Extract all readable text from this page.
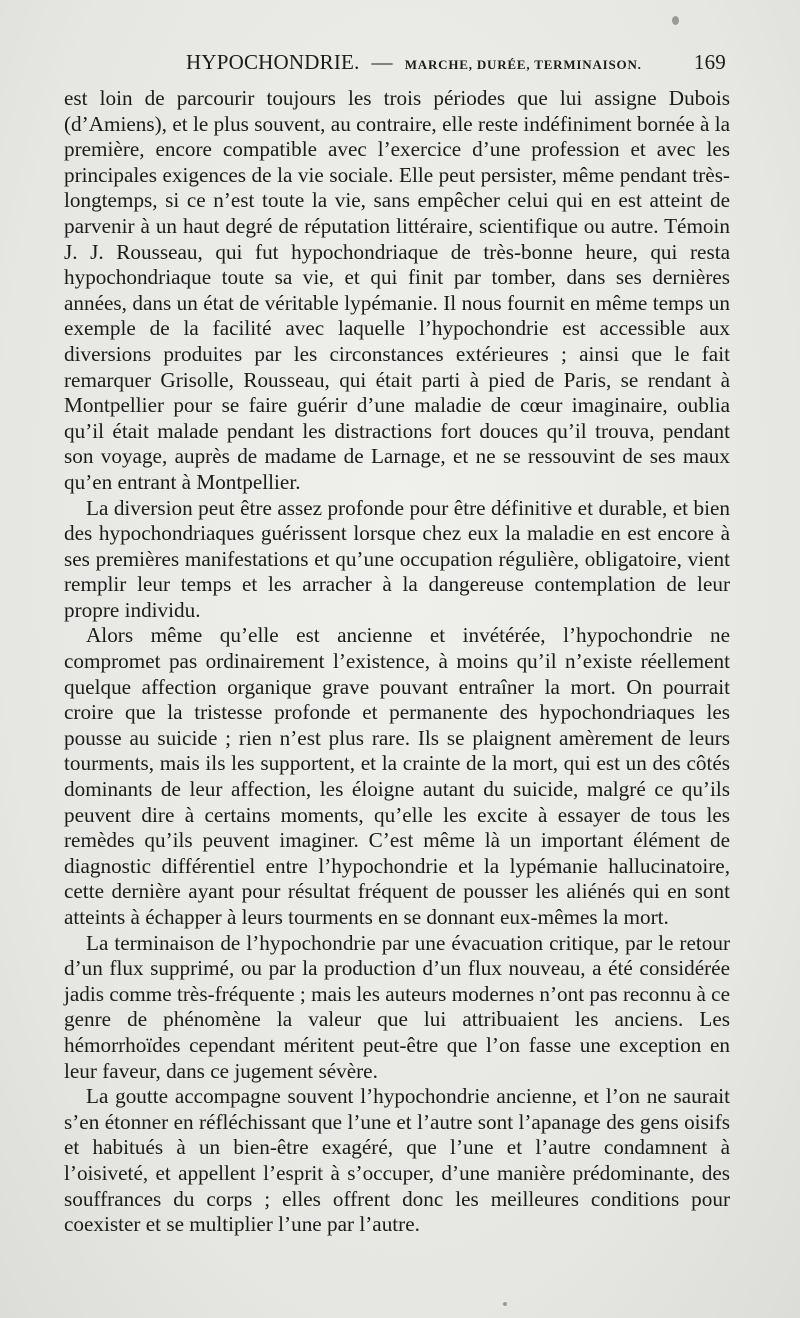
HYPOCHONDRIE. — MARCHE, DURÉE, TERMINAISON. 169

est loin de parcourir toujours les trois périodes que lui assigne Dubois (d’Amiens), et le plus souvent, au contraire, elle reste indéfiniment bornée à la première, encore compatible avec l’exercice d’une profession et avec les principales exigences de la vie sociale. Elle peut persister, même pendant très-longtemps, si ce n’est toute la vie, sans empêcher celui qui en est atteint de parvenir à un haut degré de réputation littéraire, scientifique ou autre. Témoin J. J. Rousseau, qui fut hypochondriaque de très-bonne heure, qui resta hypochondriaque toute sa vie, et qui finit par tomber, dans ses dernières années, dans un état de véritable lypémanie. Il nous fournit en même temps un exemple de la facilité avec laquelle l’hypochondrie est accessible aux diversions produites par les circonstances extérieures ; ainsi que le fait remarquer Grisolle, Rousseau, qui était parti à pied de Paris, se rendant à Montpellier pour se faire guérir d’une maladie de cœur imaginaire, oublia qu’il était malade pendant les distractions fort douces qu’il trouva, pendant son voyage, auprès de madame de Larnage, et ne se ressouvint de ses maux qu’en entrant à Montpellier.

La diversion peut être assez profonde pour être définitive et durable, et bien des hypochondriaques guérissent lorsque chez eux la maladie en est encore à ses premières manifestations et qu’une occupation régulière, obligatoire, vient remplir leur temps et les arracher à la dangereuse contemplation de leur propre individu.

Alors même qu’elle est ancienne et invétérée, l’hypochondrie ne compromet pas ordinairement l’existence, à moins qu’il n’existe réellement quelque affection organique grave pouvant entraîner la mort. On pourrait croire que la tristesse profonde et permanente des hypochondriaques les pousse au suicide ; rien n’est plus rare. Ils se plaignent amèrement de leurs tourments, mais ils les supportent, et la crainte de la mort, qui est un des côtés dominants de leur affection, les éloigne autant du suicide, malgré ce qu’ils peuvent dire à certains moments, qu’elle les excite à essayer de tous les remèdes qu’ils peuvent imaginer. C’est même là un important élément de diagnostic différentiel entre l’hypochondrie et la lypémanie hallucinatoire, cette dernière ayant pour résultat fréquent de pousser les aliénés qui en sont atteints à échapper à leurs tourments en se donnant eux-mêmes la mort.

La terminaison de l’hypochondrie par une évacuation critique, par le retour d’un flux supprimé, ou par la production d’un flux nouveau, a été considérée jadis comme très-fréquente ; mais les auteurs modernes n’ont pas reconnu à ce genre de phénomène la valeur que lui attribuaient les anciens. Les hémorrhoïdes cependant méritent peut-être que l’on fasse une exception en leur faveur, dans ce jugement sévère.

La goutte accompagne souvent l’hypochondrie ancienne, et l’on ne saurait s’en étonner en réfléchissant que l’une et l’autre sont l’apanage des gens oisifs et habitués à un bien-être exagéré, que l’une et l’autre condamnent à l’oisiveté, et appellent l’esprit à s’occuper, d’une manière prédominante, des souffrances du corps ; elles offrent donc les meilleures conditions pour coexister et se multiplier l’une par l’autre.
